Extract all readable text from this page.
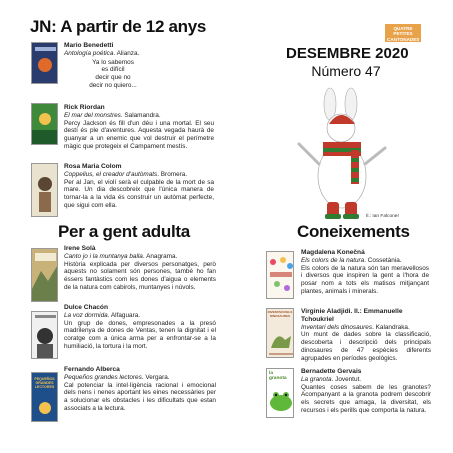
JN: A partir de 12 anys
Mario Benedetti
Antología poética. Alianza.
Ya lo sabemos
es difícil
decir que no
decir no quiero...
Rick Riordan
El mar del monstres. Salamandra.
Percy Jackson és fill d'un déu i una mortal. El seu destí és ple d'aventures. Aquesta vegada haurà de guanyar a un enemic que vol destruir el perímetre màgic que protegeix el Campament mestís.
Rosa Maria Colom
Coppelius, el creador d'autòmats. Bromera.
Per al Jan, el violí serà el culpable de la mort de sa mare. Un dia descobreix que l'única manera de tornar-la a la vida és construir un autòmat perfecte, que sigui com ella.
QUATRE PETITES
CANTONADES
DESEMBRE 2020
Número 47
Il.: Ian Falconer
Per a gent adulta
Irene Solà
Canto jo i la muntanya balla. Anagrama.
Història explicada per diversos personatges, però aquests no solament són persones, també ho fan éssers fantàstics com les dones d'aigua o elements de la natura com cabirols, muntanyes i núvols.
Dulce Chacón
La voz dormida. Alfaguara.
Un grup de dones, empresonades a la presó madrilenya de dones de Ventas, tenen la dignitat i el coratge com a única arma per a enfrontar-se a la humiliació, la tortura i la mort.
PEQUEÑOS
GRANDES
LECTORES
Fernando Alberca
Pequeños grandes lectores. Vergara.
Cal potenciar la intel·ligència racional i emocional dels nens i nenes aportant les eines necessàries per a solucionar els obstacles i les dificultats que estan associats a la lectura.
Coneixements
Magdalena Konečná
Els colors de la natura. Cossetània.
Els colors de la natura són tan meravellosos i diversos que inspiren la gent a l'hora de posar nom a tots els matisos mitjançant plantes, animals i minerals.
INVENTARI DELS DINOSAURES
Virginie Aladjidi. Il.: Emmanuelle Tchoukriel
Inventari dels dinosaures. Kalandraka.
Un munt de dades sobre la classificació, descoberta i descripció dels principals dinosaures de 47 espècies diferents agrupades en períodes geològics.
la granota
Bernadette Gervais
La granota. Joventut.
Quantes coses sabem de les granotes? Acompanyant a la granota podrem descobrir els secrets que amaga, la diversitat, els recursos i els perills que comporta la natura.
